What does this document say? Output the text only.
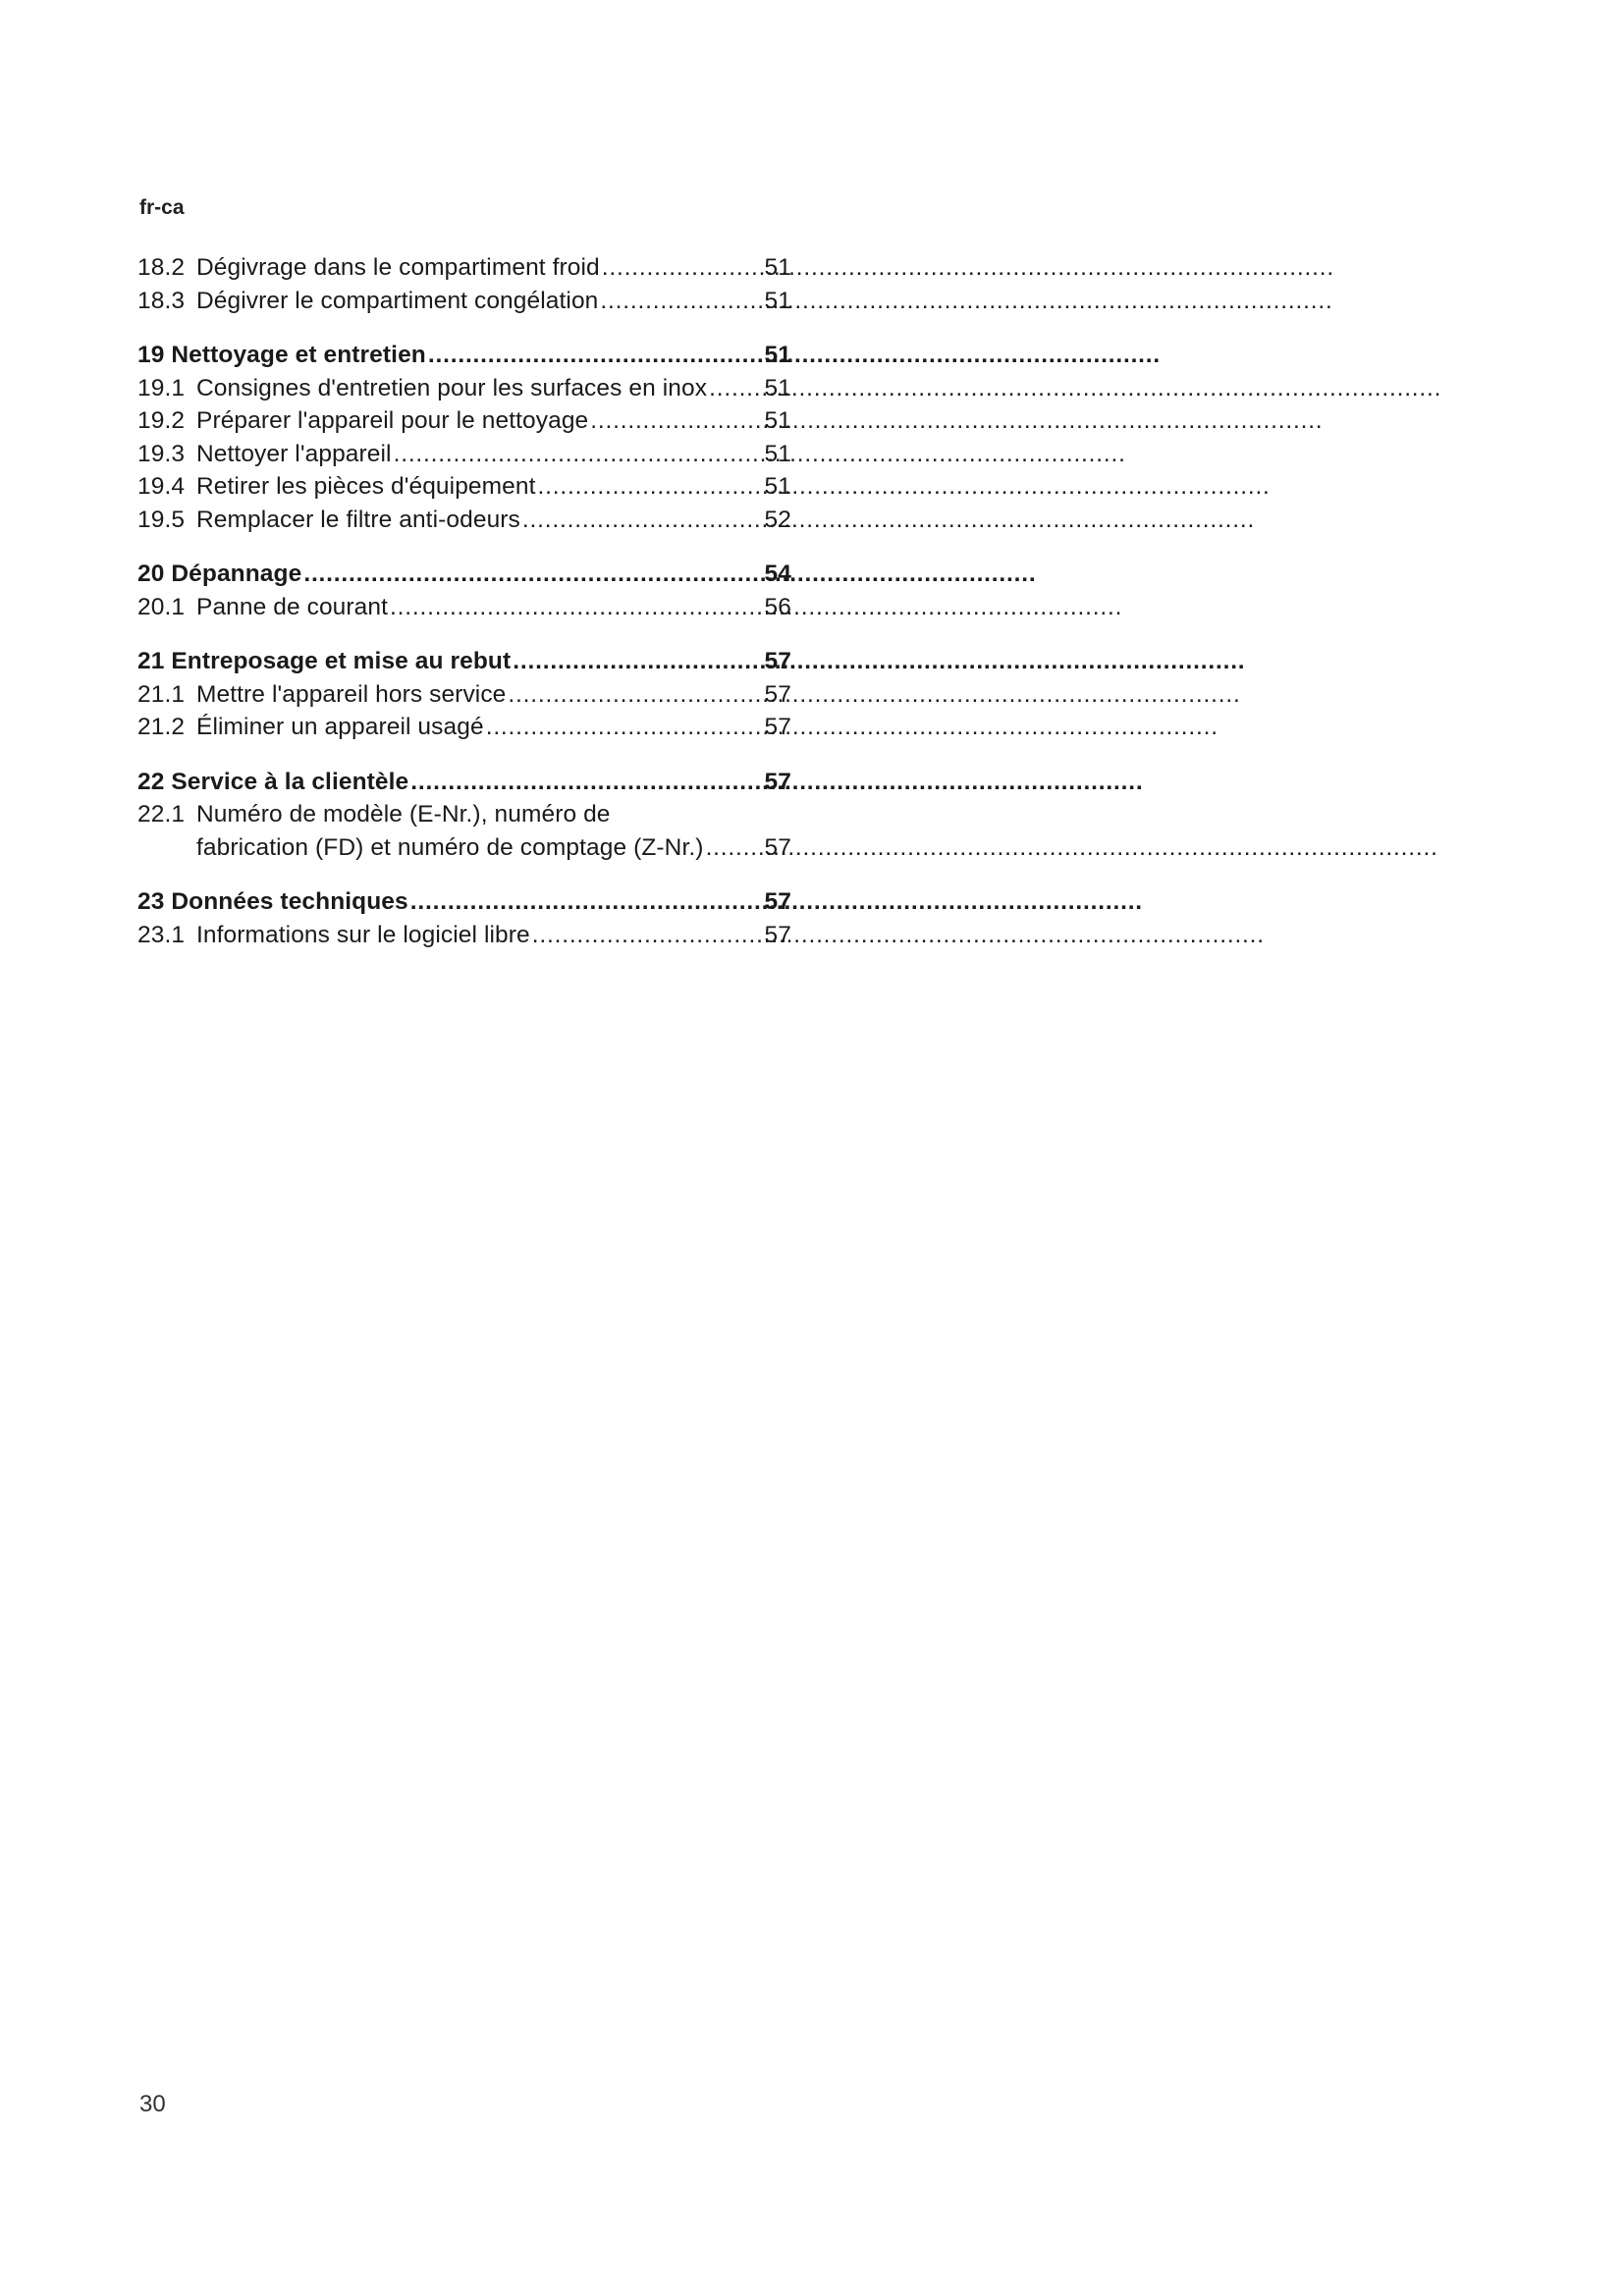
fr-ca
18.2 Dégivrage dans le compartiment froid . . .	51
18.3 Dégivrer le compartiment congélation . . .	51
19 Nettoyage et entretien . . .	51
19.1 Consignes d'entretien pour les surfaces en inox . . .	51
19.2 Préparer l'appareil pour le nettoyage . . .	51
19.3 Nettoyer l'appareil . . .	51
19.4 Retirer les pièces d'équipement . . .	51
19.5 Remplacer le filtre anti-odeurs . . .	52
20 Dépannage . . .	54
20.1 Panne de courant . . .	56
21 Entreposage et mise au rebut . . .	57
21.1 Mettre l'appareil hors service . . .	57
21.2 Éliminer un appareil usagé . . .	57
22 Service à la clientèle . . .	57
22.1 Numéro de modèle (E-Nr.), numéro de
fabrication (FD) et numéro de comptage (Z-Nr.) . . .	57
23 Données techniques . . .	57
23.1 Informations sur le logiciel libre . . .	57
30
